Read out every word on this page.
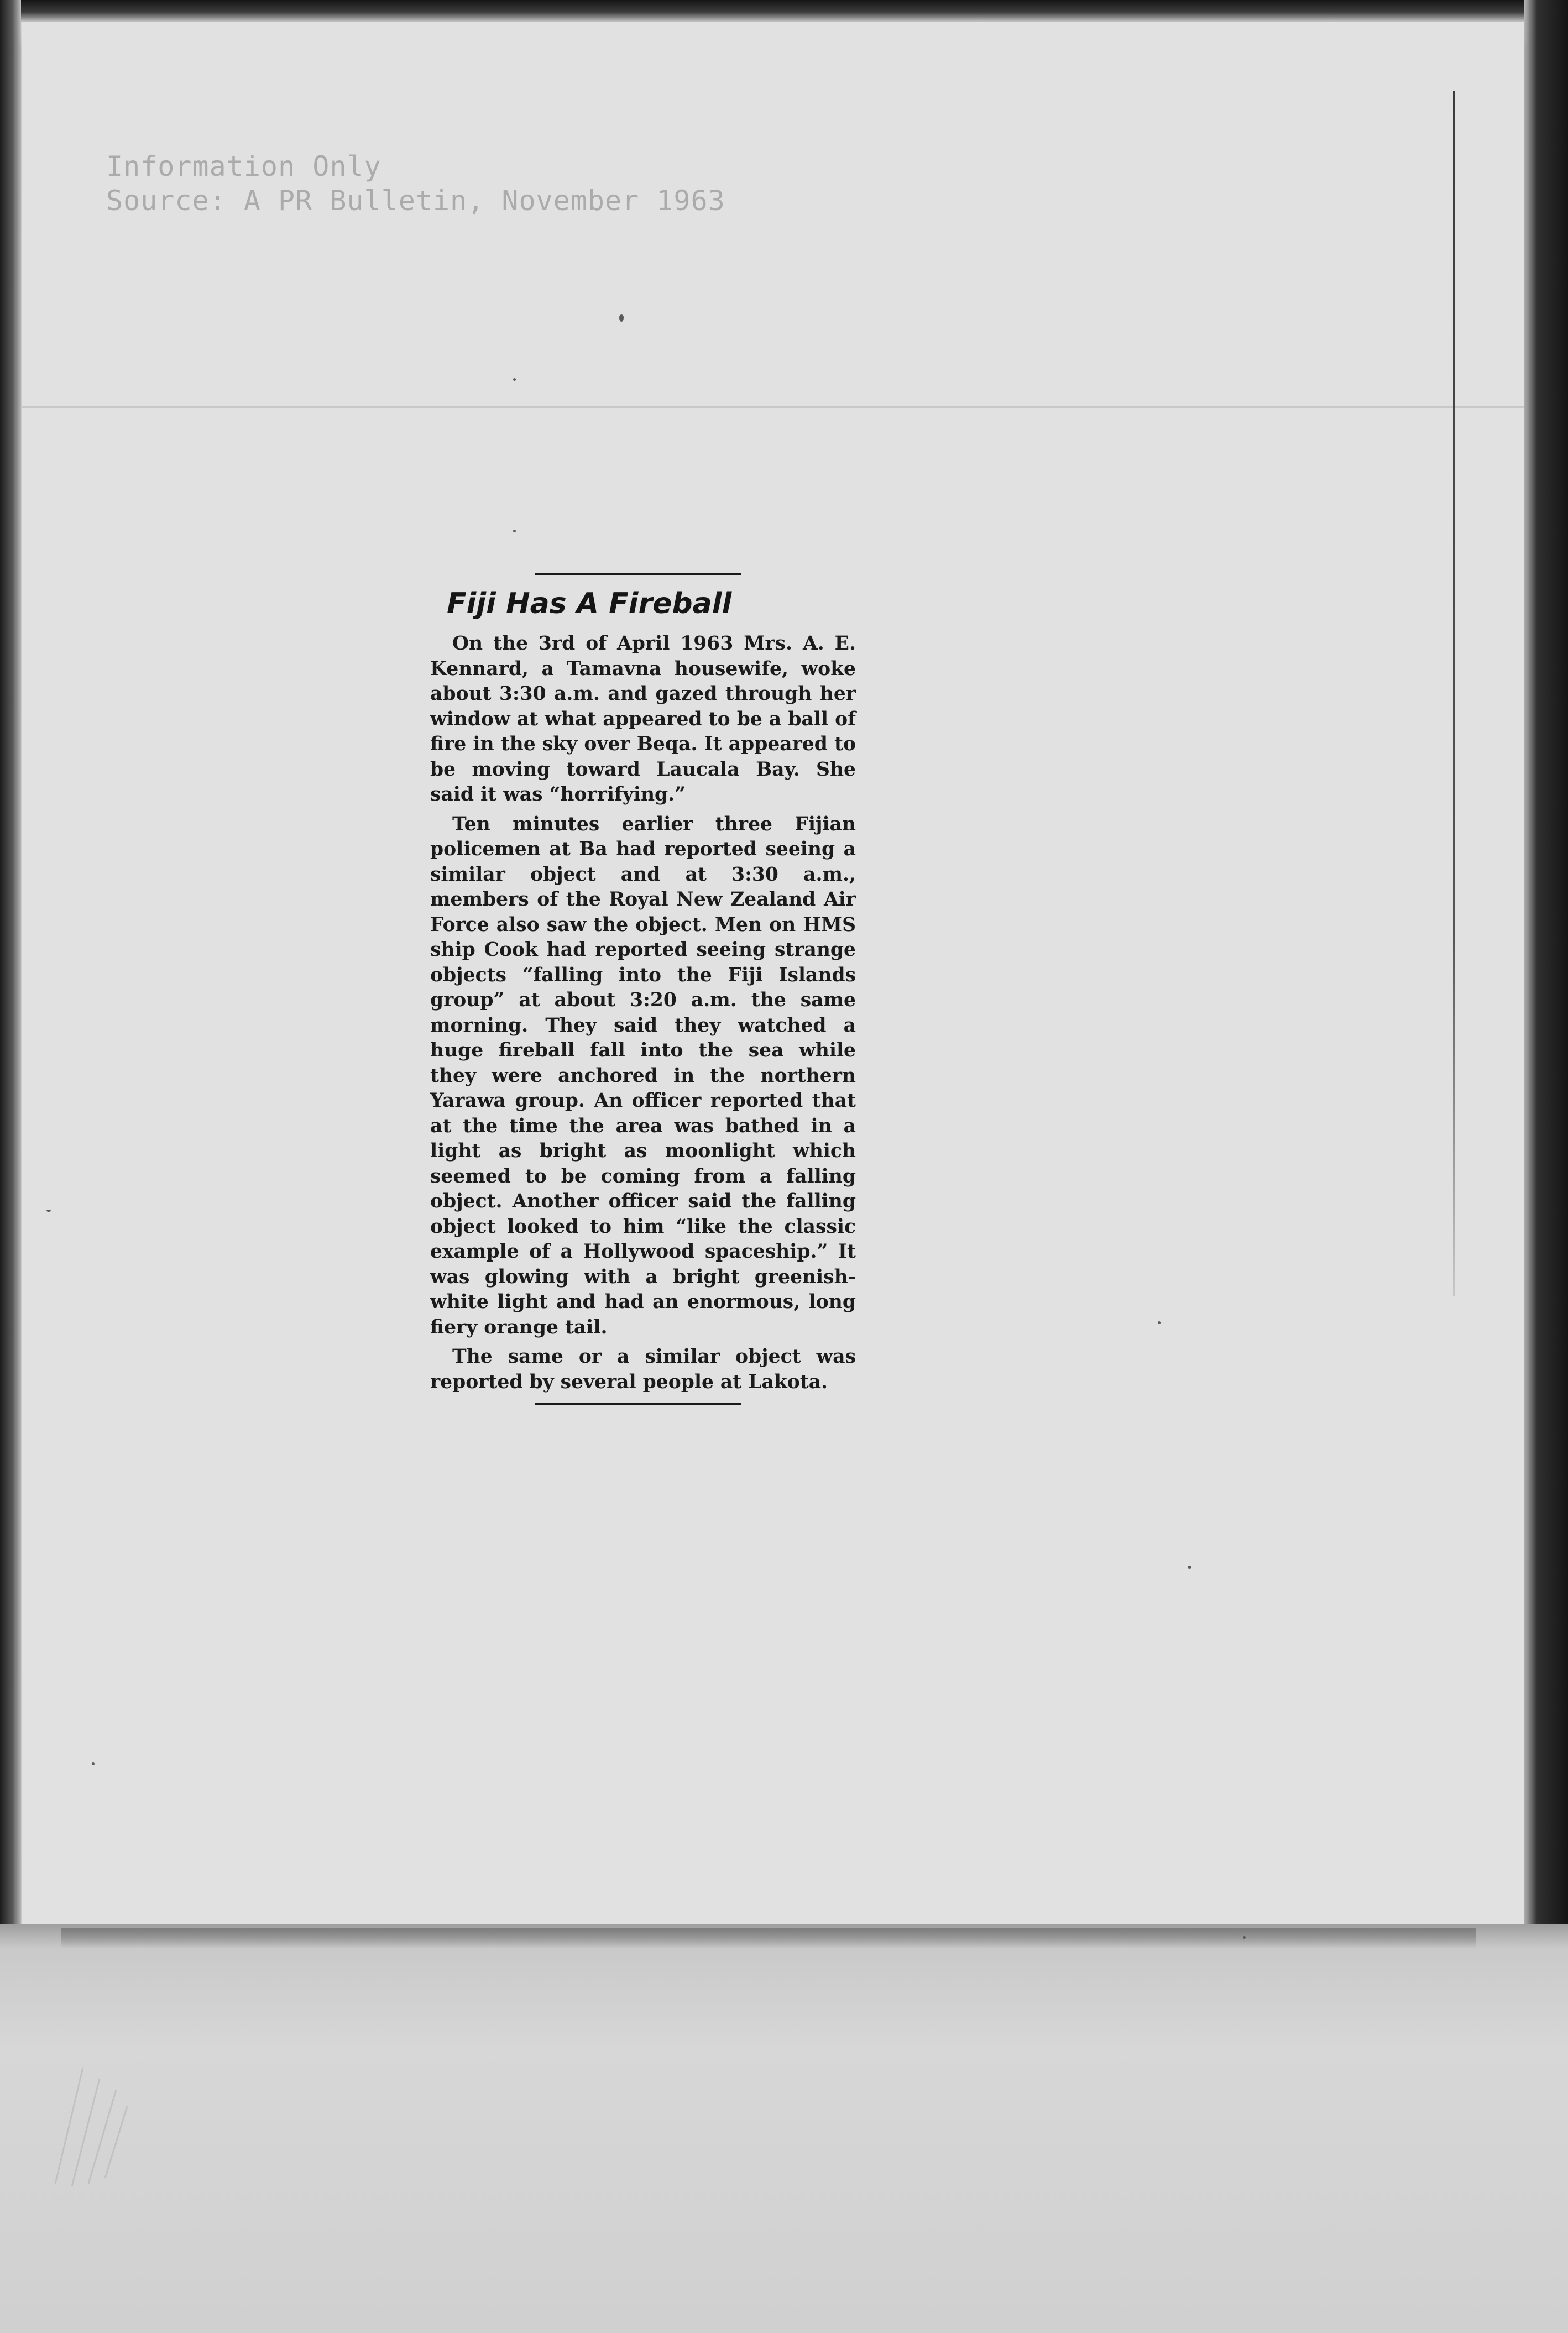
Information Only
Source: A PR Bulletin, November 1963
Fiji Has A Fireball

On the 3rd of April 1963 Mrs. A. E. Kennard, a Tamavna housewife, woke about 3:30 a.m. and gazed through her window at what appeared to be a ball of fire in the sky over Beqa. It appeared to be moving toward Laucala Bay. She said it was “horrifying.”

Ten minutes earlier three Fijian policemen at Ba had reported seeing a similar object and at 3:30 a.m., members of the Royal New Zealand Air Force also saw the object. Men on HMS ship Cook had reported seeing strange objects “falling into the Fiji Islands group” at about 3:20 a.m. the same morning. They said they watched a huge fireball fall into the sea while they were anchored in the northern Yarawa group. An officer reported that at the time the area was bathed in a light as bright as moonlight which seemed to be coming from a falling object. Another officer said the falling object looked to him “like the classic example of a Hollywood spaceship.” It was glowing with a bright greenish-white light and had an enormous, long fiery orange tail.

The same or a similar object was reported by several people at Lakota.
